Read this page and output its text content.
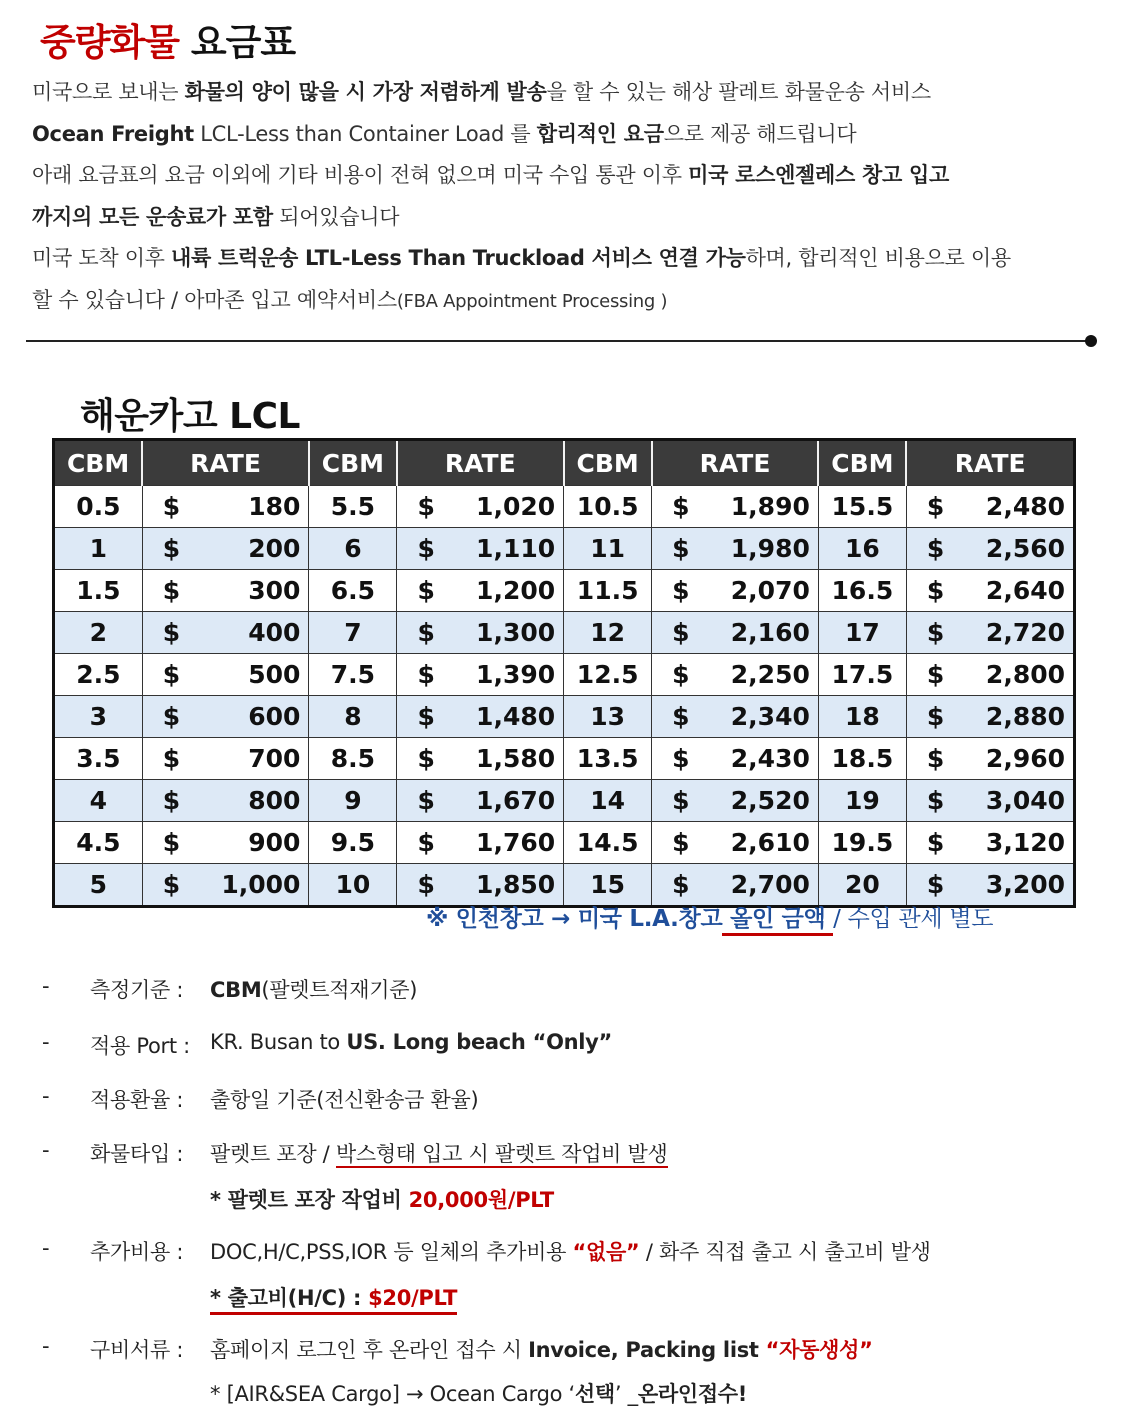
중량화물 요금표

미국으로 보내는 화물의 양이 많을 시 가장 저렴하게 발송을 할 수 있는 해상 팔레트 화물운송 서비스

Ocean Freight LCL-Less than Container Load 를 합리적인 요금으로 제공 해드립니다

아래 요금표의 요금 이외에 기타 비용이 전혀 없으며 미국 수입 통관 이후 미국 로스엔젤레스 창고 입고

까지의 모든 운송료가 포함 되어있습니다

미국 도착 이후 내륙 트럭운송 LTL-Less Than Truckload 서비스 연결 가능하며, 합리적인 비용으로 이용

할 수 있습니다 / 아마존 입고 예약서비스(FBA Appointment Processing )

해운카고 LCL
CBM	RATE	CBM	RATE	CBM	RATE	CBM	RATE
0.5	$ 180	5.5	$ 1,020	10.5	$ 1,890	15.5	$ 2,480

1	$ 200	6	$ 1,110	11	$ 1,980	16	$ 2,560

1.5	$ 300	6.5	$ 1,200	11.5	$ 2,070	16.5	$ 2,640

2	$ 400	7	$ 1,300	12	$ 2,160	17	$ 2,720

2.5	$ 500	7.5	$ 1,390	12.5	$ 2,250	17.5	$ 2,800

3	$ 600	8	$ 1,480	13	$ 2,340	18	$ 2,880

3.5	$ 700	8.5	$ 1,580	13.5	$ 2,430	18.5	$ 2,960

4	$ 800	9	$ 1,670	14	$ 2,520	19	$ 3,040

4.5	$ 900	9.5	$ 1,760	14.5	$ 2,610	19.5	$ 3,120

5	$ 1,000	10	$ 1,850	15	$ 2,700	20	$ 3,200
※ 인천창고 → 미국 L.A.창고 올인 금액 / 수입 관세 별도
- 측정기준 : CBM(팔렛트적재기준)
- 적용 Port : KR. Busan to US. Long beach “Only”
- 적용환율 : 출항일 기준(전신환송금 환율)
- 화물타입 : 팔렛트 포장 / 박스형태 입고 시 팔렛트 작업비 발생
* 팔렛트 포장 작업비 20,000원/PLT
- 추가비용 : DOC,H/C,PSS,IOR 등 일체의 추가비용 “없음” / 화주 직접 출고 시 출고비 발생
* 출고비(H/C) : $20/PLT
- 구비서류 : 홈페이지 로그인 후 온라인 접수 시 Invoice, Packing list “자동생성”
* [AIR&SEA Cargo] → Ocean Cargo ‘선택’ _온라인접수!
